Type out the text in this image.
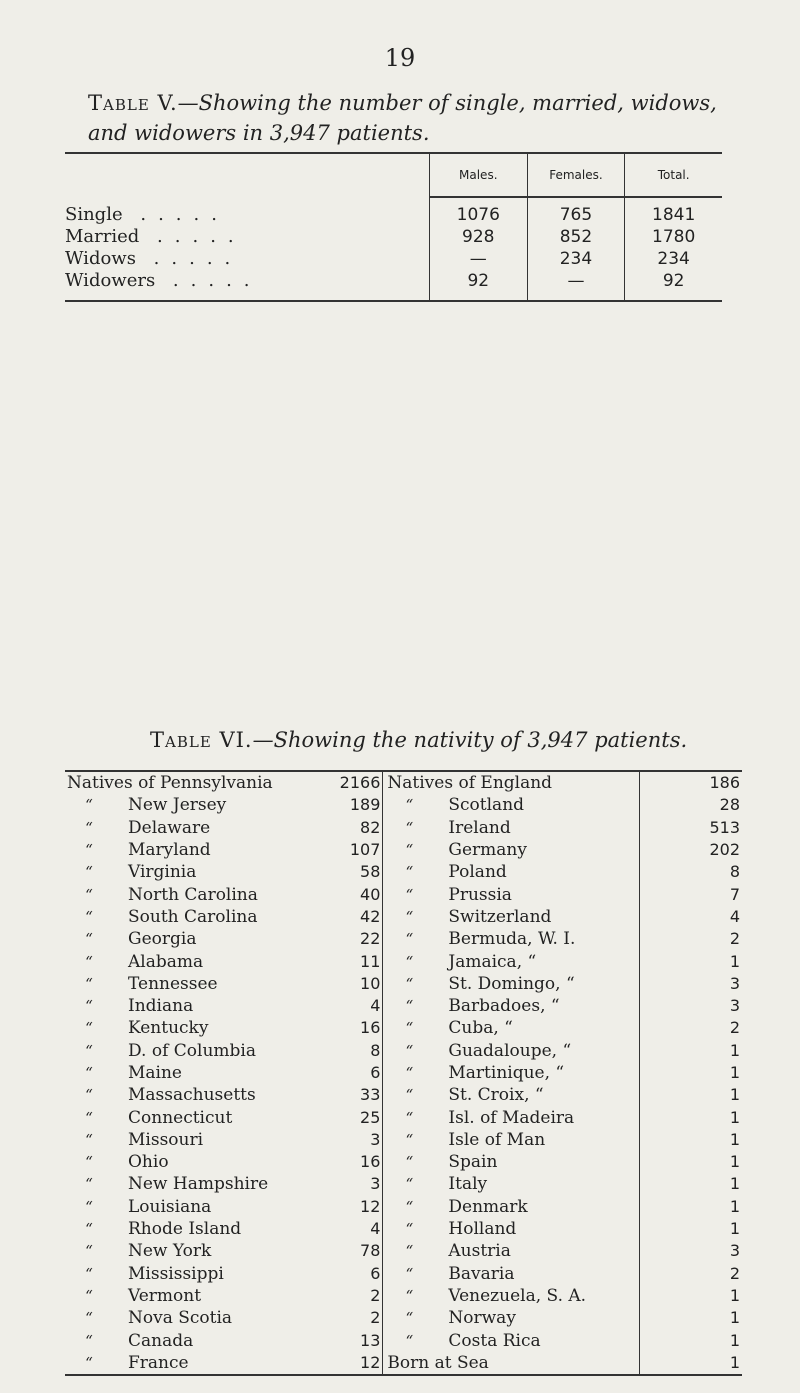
19
Table V.—Showing the number of single, married, widows, and widowers in 3,947 patients.
	Males.	Females.	Total.
Single .....	1076	765	1841
Married .....	928	852	1780
Widows .....	—	234	234
Widowers .....	92	—	92
Table VI.—Showing the nativity of 3,947 patients.
Natives of Pennsylvania	2166	Natives of England	186
“  New Jersey	189	“  Scotland	28
“  Delaware	82	“  Ireland	513
“  Maryland	107	“  Germany	202
“  Virginia	58	“  Poland	8
“  North Carolina	40	“  Prussia	7
“  South Carolina	42	“  Switzerland	4
“  Georgia	22	“  Bermuda, W. I.	2
“  Alabama	11	“  Jamaica, “	1
“  Tennessee	10	“  St. Domingo, “	3
“  Indiana	4	“  Barbadoes, “	3
“  Kentucky	16	“  Cuba, “	2
“  D. of Columbia	8	“  Guadaloupe, “	1
“  Maine	6	“  Martinique, “	1
“  Massachusetts	33	“  St. Croix, “	1
“  Connecticut	25	“  Isl. of Madeira	1
“  Missouri	3	“  Isle of Man	1
“  Ohio	16	“  Spain	1
“  New Hampshire	3	“  Italy	1
“  Louisiana	12	“  Denmark	1
“  Rhode Island	4	“  Holland	1
“  New York	78	“  Austria	3
“  Mississippi	6	“  Bavaria	2
“  Vermont	2	“  Venezuela, S. A.	1
“  Nova Scotia	2	“  Norway	1
“  Canada	13	“  Costa Rica	1
“  France	12	Born at Sea	1
